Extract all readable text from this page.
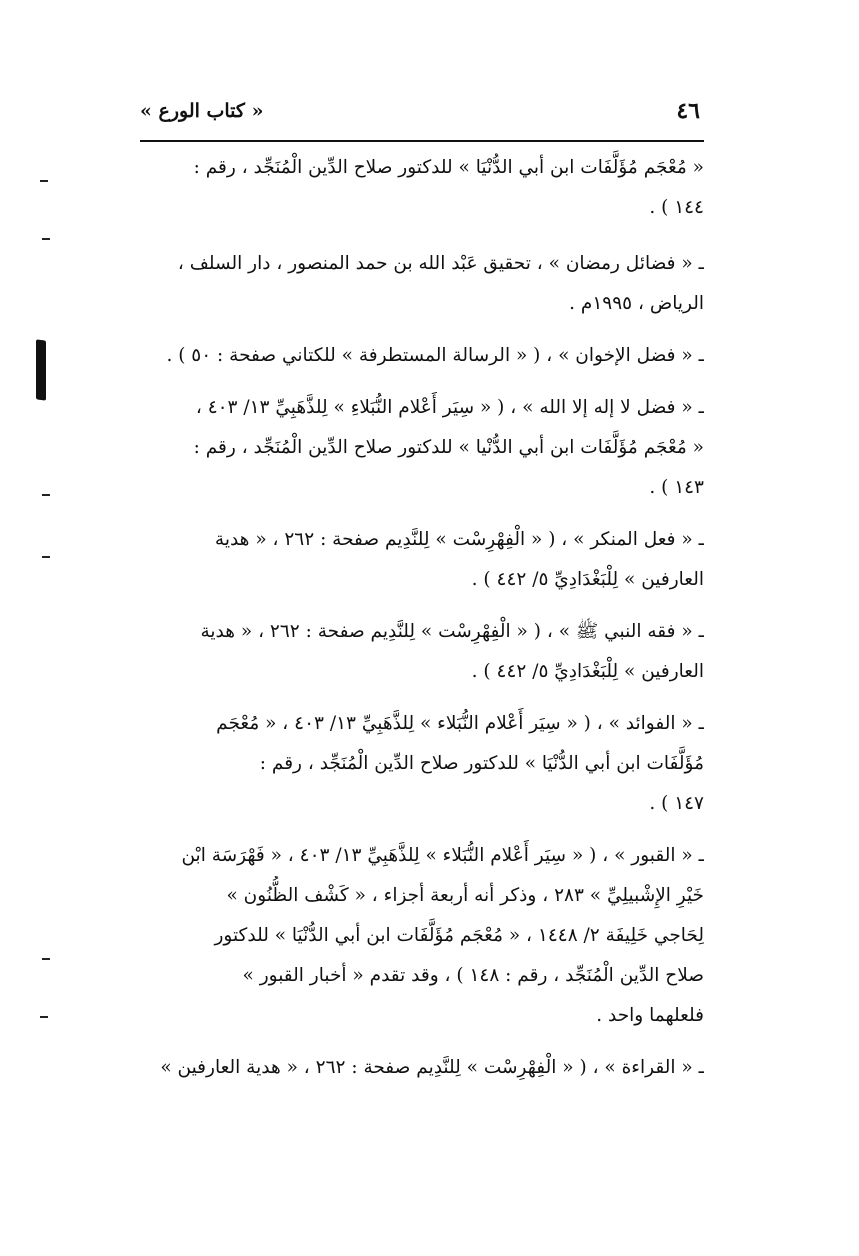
٤٦
« كتاب الورع »
« مُعْجَم مُؤَلَّفَات ابن أبي الدُّنْيَا » للدكتور صلاح الدِّين الْمُنَجِّد ، رقم :
١٤٤ ) .
ـ « فضائل رمضان » ، تحقيق عَبْد الله بن حمد المنصور ، دار السلف ،
الرياض ، ١٩٩٥م .
ـ « فضل الإخوان » ، ( « الرسالة المستطرفة » للكتاني صفحة : ٥٠ ) .
ـ « فضل لا إله إلا الله » ، ( « سِيَر أَعْلام النُّبَلاءِ » لِلذَّهَبِيِّ ١٣/ ٤٠٣ ،
« مُعْجَم مُؤَلَّفَات ابن أبي الدُّنْيا » للدكتور صلاح الدِّين الْمُنَجِّد ، رقم :
١٤٣ ) .
ـ « فعل المنكر » ، ( « الْفِهْرِسْت » لِلنَّدِيم صفحة : ٢٦٢ ، « هدية
العارفين » لِلْبَغْدَادِيِّ ٥/ ٤٤٢ ) .
ـ « فقه النبي ﷺ » ، ( « الْفِهْرِسْت » لِلنَّدِيم صفحة : ٢٦٢ ، « هدية
العارفين » لِلْبَغْدَادِيِّ ٥/ ٤٤٢ ) .
ـ « الفوائد » ، ( « سِيَر أَعْلام النُّبَلاء » لِلذَّهَبِيِّ ١٣/ ٤٠٣ ، « مُعْجَم
مُؤَلَّفَات ابن أبي الدُّنْيَا » للدكتور صلاح الدِّين الْمُنَجِّد ، رقم :
١٤٧ ) .
ـ « القبور » ، ( « سِيَر أَعْلام النُّبَلاء » لِلذَّهَبِيِّ ١٣/ ٤٠٣ ، « فَهْرَسَة ابْن
خَيْرِ الإِشْبيلِيِّ » ٢٨٣ ، وذكر أنه أربعة أجزاء ، « كَشْف الظُّنُون »
لِحَاجي خَلِيفَة ٢/ ١٤٤٨ ، « مُعْجَم مُؤَلَّفَات ابن أبي الدُّنْيَا » للدكتور
صلاح الدِّين الْمُنَجِّد ، رقم : ١٤٨ ) ، وقد تقدم « أخبار القبور »
فلعلهما واحد .
ـ « القراءة » ، ( « الْفِهْرِسْت » لِلنَّدِيم صفحة : ٢٦٢ ، « هدية العارفين »
